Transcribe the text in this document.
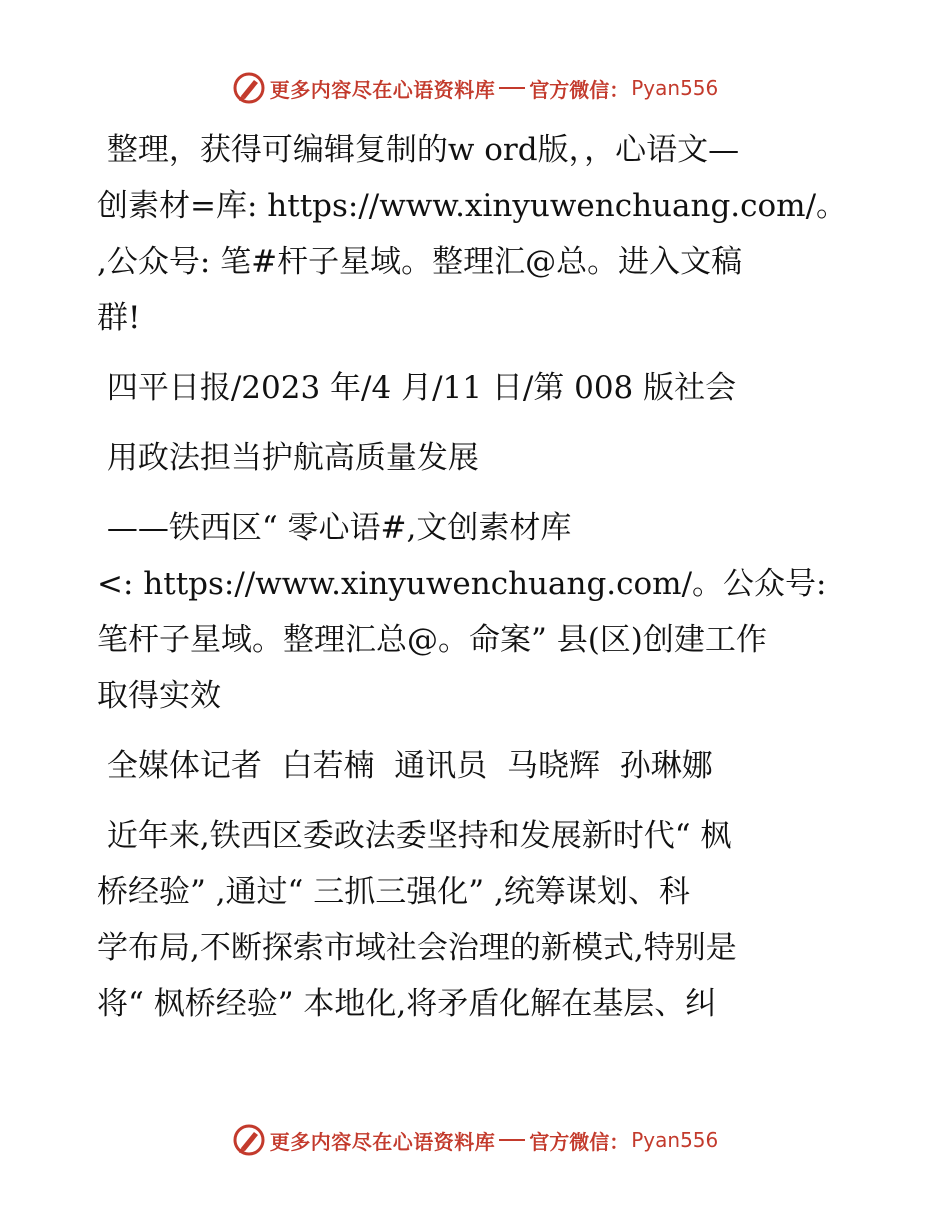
更多内容尽在心语资料库 官方微信： Pyan556

整理，获得可编辑复制的w ord版，，心语文—

创素材=库: https://www.xinyuwenchuang.com/。

,公众号: 笔#杆子星域。整理汇@总。进入文稿

群!

四平日报/2023 年/4 月/11 日/第 008 版社会

用政法担当护航高质量发展

——铁西区“ 零心语#,文创素材库

<: https://www.xinyuwenchuang.com/。公众号:

笔杆子星域。整理汇总@。命案” 县(区)创建工作

取得实效

全媒体记者  白若楠  通讯员  马晓辉  孙琳娜

近年来,铁西区委政法委坚持和发展新时代“ 枫

桥经验” ,通过“ 三抓三强化” ,统筹谋划、科

学布局,不断探索市域社会治理的新模式,特别是

将“ 枫桥经验” 本地化,将矛盾化解在基层、纠

更多内容尽在心语资料库 官方微信： Pyan556
